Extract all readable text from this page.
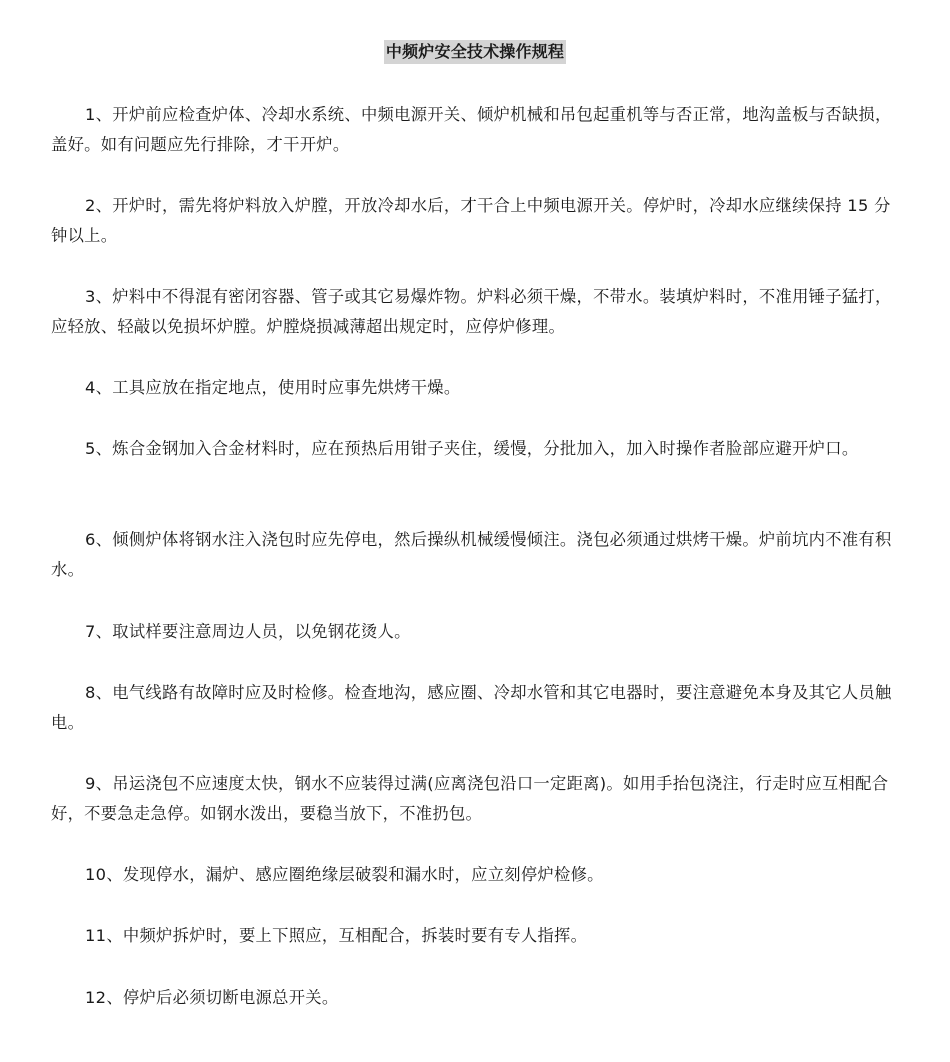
中频炉安全技术操作规程

1、开炉前应检查炉体、冷却水系统、中频电源开关、倾炉机械和吊包起重机等与否正常，地沟盖板与否缺损，盖好。如有问题应先行排除，才干开炉。

2、开炉时，需先将炉料放入炉膛，开放冷却水后，才干合上中频电源开关。停炉时，冷却水应继续保持 15 分钟以上。

3、炉料中不得混有密闭容器、管子或其它易爆炸物。炉料必须干燥，不带水。装填炉料时，不准用锤子猛打，应轻放、轻敲以免损坏炉膛。炉膛烧损减薄超出规定时，应停炉修理。

4、工具应放在指定地点，使用时应事先烘烤干燥。

5、炼合金钢加入合金材料时，应在预热后用钳子夹住，缓慢，分批加入，加入时操作者脸部应避开炉口。

6、倾侧炉体将钢水注入浇包时应先停电，然后操纵机械缓慢倾注。浇包必须通过烘烤干燥。炉前坑内不准有积水。

7、取试样要注意周边人员，以免钢花烫人。

8、电气线路有故障时应及时检修。检查地沟，感应圈、冷却水管和其它电器时，要注意避免本身及其它人员触电。

9、吊运浇包不应速度太快，钢水不应装得过满(应离浇包沿口一定距离)。如用手抬包浇注，行走时应互相配合好，不要急走急停。如钢水泼出，要稳当放下，不准扔包。

10、发现停水，漏炉、感应圈绝缘层破裂和漏水时，应立刻停炉检修。

11、中频炉拆炉时，要上下照应，互相配合，拆装时要有专人指挥。

12、停炉后必须切断电源总开关。
